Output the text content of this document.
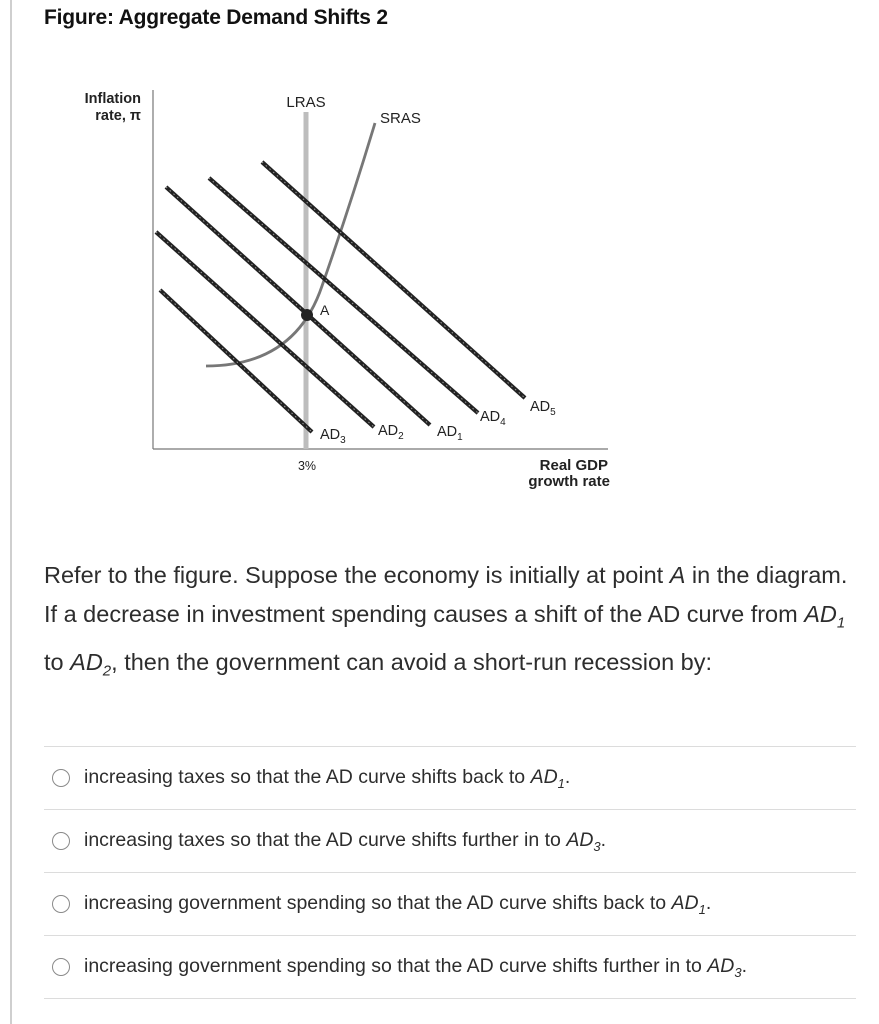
Figure: Aggregate Demand Shifts 2
Inflation
rate, π
LRAS
SRAS
A
3%	Real GDP
growth rate
$AD_3$
$AD_2$ $AD_1$
$AD_4$
$AD_5$
Refer to the figure. Suppose the economy is initially at point A in the diagram. If a decrease in investment spending causes a shift of the AD curve from $AD_1$ to $AD_2$, then the government can avoid a short-run recession by:
increasing taxes so that the AD curve shifts back to $AD_1$.
increasing taxes so that the AD curve shifts further in to $AD_3$.
increasing government spending so that the AD curve shifts back to $AD_1$.
increasing government spending so that the AD curve shifts further in to $AD_3$.
